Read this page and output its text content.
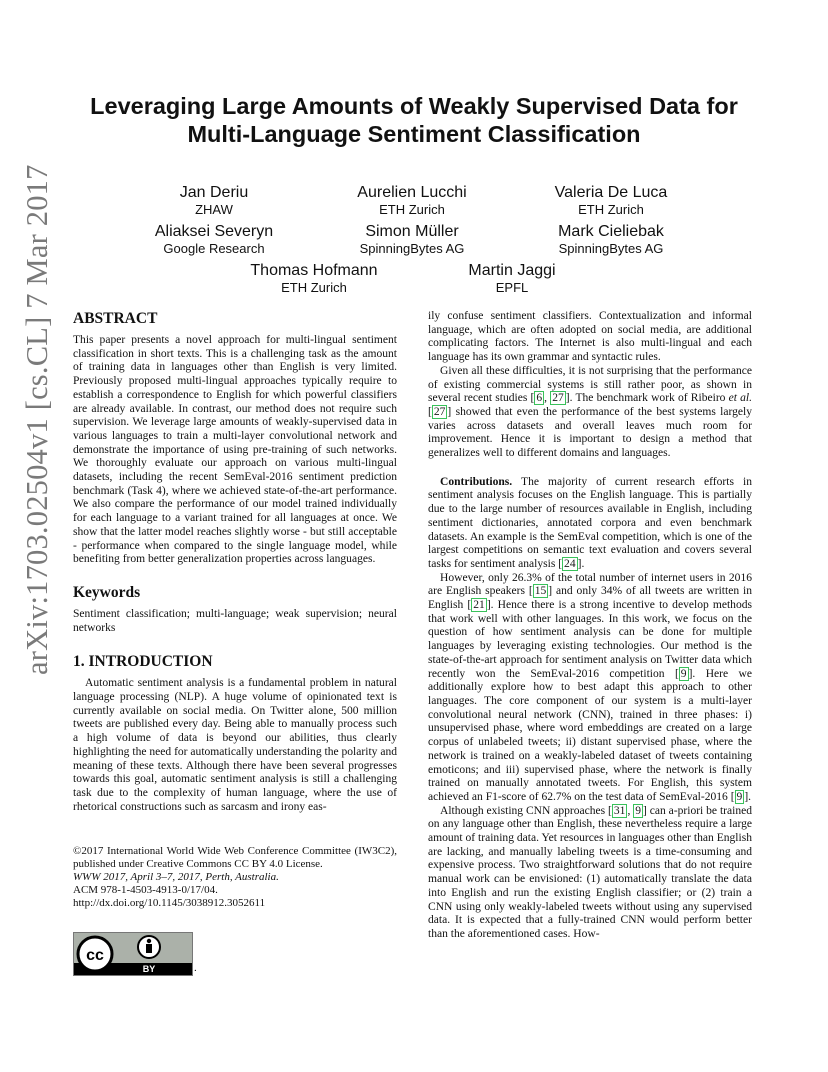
Leveraging Large Amounts of Weakly Supervised Data for Multi-Language Sentiment Classification
Jan Deriu
ZHAW
Aurelien Lucchi
ETH Zurich
Valeria De Luca
ETH Zurich
Aliaksei Severyn
Google Research
Simon Müller
SpinningBytes AG
Mark Cieliebak
SpinningBytes AG
Thomas Hofmann
ETH Zurich
Martin Jaggi
EPFL
arXiv:1703.02504v1 [cs.CL] 7 Mar 2017 ABSTRACT

This paper presents a novel approach for multi-lingual sentiment classification in short texts. This is a challenging task as the amount of training data in languages other than English is very limited. Previously proposed multi-lingual approaches typically require to establish a correspondence to English for which powerful classifiers are already available. In contrast, our method does not require such supervision. We leverage large amounts of weakly-supervised data in various languages to train a multi-layer convolutional network and demonstrate the importance of using pre-training of such networks. We thoroughly evaluate our approach on various multi-lingual datasets, including the recent SemEval-2016 sentiment prediction benchmark (Task 4), where we achieved state-of-the-art performance. We also compare the performance of our model trained individually for each language to a variant trained for all languages at once. We show that the latter model reaches slightly worse - but still acceptable - performance when compared to the single language model, while benefiting from better generalization properties across languages.

Keywords

Sentiment classification; multi-language; weak supervision; neural networks

1. INTRODUCTION

Automatic sentiment analysis is a fundamental problem in natural language processing (NLP). A huge volume of opinionated text is currently available on social media. On Twitter alone, 500 million tweets are published every day. Being able to manually process such a high volume of data is beyond our abilities, thus clearly highlighting the need for automatically understanding the polarity and meaning of these texts. Although there have been several progresses towards this goal, automatic sentiment analysis is still a challenging task due to the complexity of human language, where the use of rhetorical constructions such as sarcasm and irony eas-

©2017 International World Wide Web Conference Committee (IW3C2), published under Creative Commons CC BY 4.0 License.
WWW 2017, April 3–7, 2017, Perth, Australia.
ACM 978-1-4503-4913-0/17/04.
http://dx.doi.org/10.1145/3038912.3052611
cc
BY	.

ily confuse sentiment classifiers. Contextualization and informal language, which are often adopted on social media, are additional complicating factors. The Internet is also multi-lingual and each language has its own grammar and syntactic rules.

Given all these difficulties, it is not surprising that the performance of existing commercial systems is still rather poor, as shown in several recent studies [ 6 , 27 ]. The benchmark work of Ribeiro et al. [ 27 ] showed that even the performance of the best systems largely varies across datasets and overall leaves much room for improvement. Hence it is important to design a method that generalizes well to different domains and languages.

Contributions. The majority of current research efforts in sentiment analysis focuses on the English language. This is partially due to the large number of resources available in English, including sentiment dictionaries, annotated corpora and even benchmark datasets. An example is the SemEval competition, which is one of the largest competitions on semantic text evaluation and covers several tasks for sentiment analysis [ 24 ].

However, only 26.3% of the total number of internet users in 2016 are English speakers [ 15 ] and only 34% of all tweets are written in English [ 21 ]. Hence there is a strong incentive to develop methods that work well with other languages. In this work, we focus on the question of how sentiment analysis can be done for multiple languages by leveraging existing technologies. Our method is the state-of-the-art approach for sentiment analysis on Twitter data which recently won the SemEval-2016 competition [ 9 ]. Here we additionally explore how to best adapt this approach to other languages. The core component of our system is a multi-layer convolutional neural network (CNN), trained in three phases: i) unsupervised phase, where word embeddings are created on a large corpus of unlabeled tweets; ii) distant supervised phase, where the network is trained on a weakly-labeled dataset of tweets containing emoticons; and iii) supervised phase, where the network is finally trained on manually annotated tweets. For English, this system achieved an F1-score of 62.7% on the test data of SemEval-2016 [ 9 ].

Although existing CNN approaches [ 31 , 9 ] can a-priori be trained on any language other than English, these nevertheless require a large amount of training data. Yet resources in languages other than English are lacking, and manually labeling tweets is a time-consuming and expensive process. Two straightforward solutions that do not require manual work can be envisioned: (1) automatically translate the data into English and run the existing English classifier; or (2) train a CNN using only weakly-labeled tweets without using any supervised data. It is expected that a fully-trained CNN would perform better than the aforementioned cases. How-
